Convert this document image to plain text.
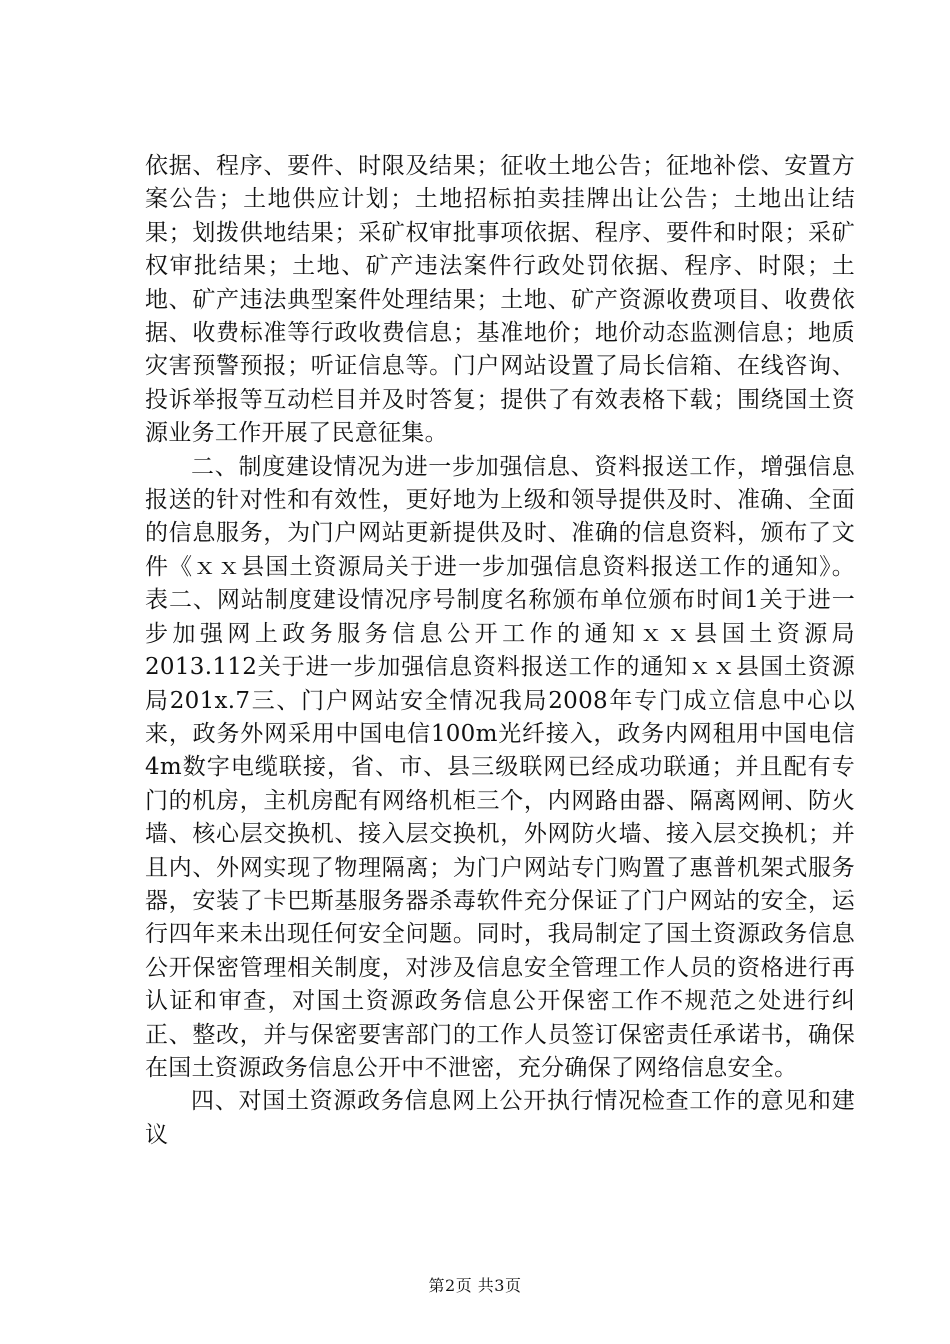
依据、程序、要件、时限及结果；征收土地公告；征地补偿、安置方案公告；土地供应计划；土地招标拍卖挂牌出让公告；土地出让结果；划拨供地结果；采矿权审批事项依据、程序、要件和时限；采矿权审批结果；土地、矿产违法案件行政处罚依据、程序、时限；土地、矿产违法典型案件处理结果；土地、矿产资源收费项目、收费依据、收费标准等行政收费信息；基准地价；地价动态监测信息；地质灾害预警预报；听证信息等。门户网站设置了局长信箱、在线咨询、投诉举报等互动栏目并及时答复；提供了有效表格下载；围绕国土资源业务工作开展了民意征集。

二、制度建设情况为进一步加强信息、资料报送工作，增强信息报送的针对性和有效性，更好地为上级和领导提供及时、准确、全面的信息服务，为门户网站更新提供及时、准确的信息资料，颁布了文件《ｘｘ县国土资源局关于进一步加强信息资料报送工作的通知》。表二、网站制度建设情况序号制度名称颁布单位颁布时间1关于进一步加强网上政务服务信息公开工作的通知ｘｘ县国土资源局2013.112关于进一步加强信息资料报送工作的通知ｘｘ县国土资源局201x.7三、门户网站安全情况我局2008年专门成立信息中心以来，政务外网采用中国电信100m光纤接入，政务内网租用中国电信4m数字电缆联接，省、市、县三级联网已经成功联通；并且配有专门的机房，主机房配有网络机柜三个，内网路由器、隔离网闸、防火墙、核心层交换机、接入层交换机，外网防火墙、接入层交换机；并且内、外网实现了物理隔离；为门户网站专门购置了惠普机架式服务器，安装了卡巴斯基服务器杀毒软件充分保证了门户网站的安全，运行四年来未出现任何安全问题。同时，我局制定了国土资源政务信息公开保密管理相关制度，对涉及信息安全管理工作人员的资格进行再认证和审查，对国土资源政务信息公开保密工作不规范之处进行纠正、整改，并与保密要害部门的工作人员签订保密责任承诺书，确保在国土资源政务信息公开中不泄密，充分确保了网络信息安全。

四、对国土资源政务信息网上公开执行情况检查工作的意见和建议

第2页 共3页
